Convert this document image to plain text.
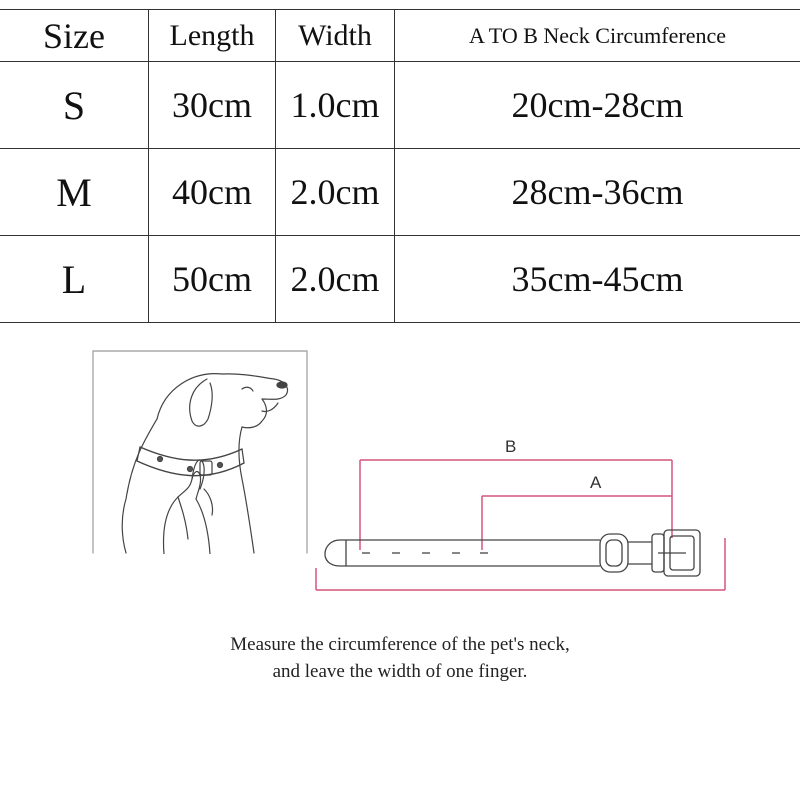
Size	Length	Width	A TO B Neck Circumference
S	30cm	1.0cm	20cm-28cm
M	40cm	2.0cm	28cm-36cm
L	50cm	2.0cm	35cm-45cm
B
A
Measure the circumference of the pet's neck,
and leave the width of one finger.
